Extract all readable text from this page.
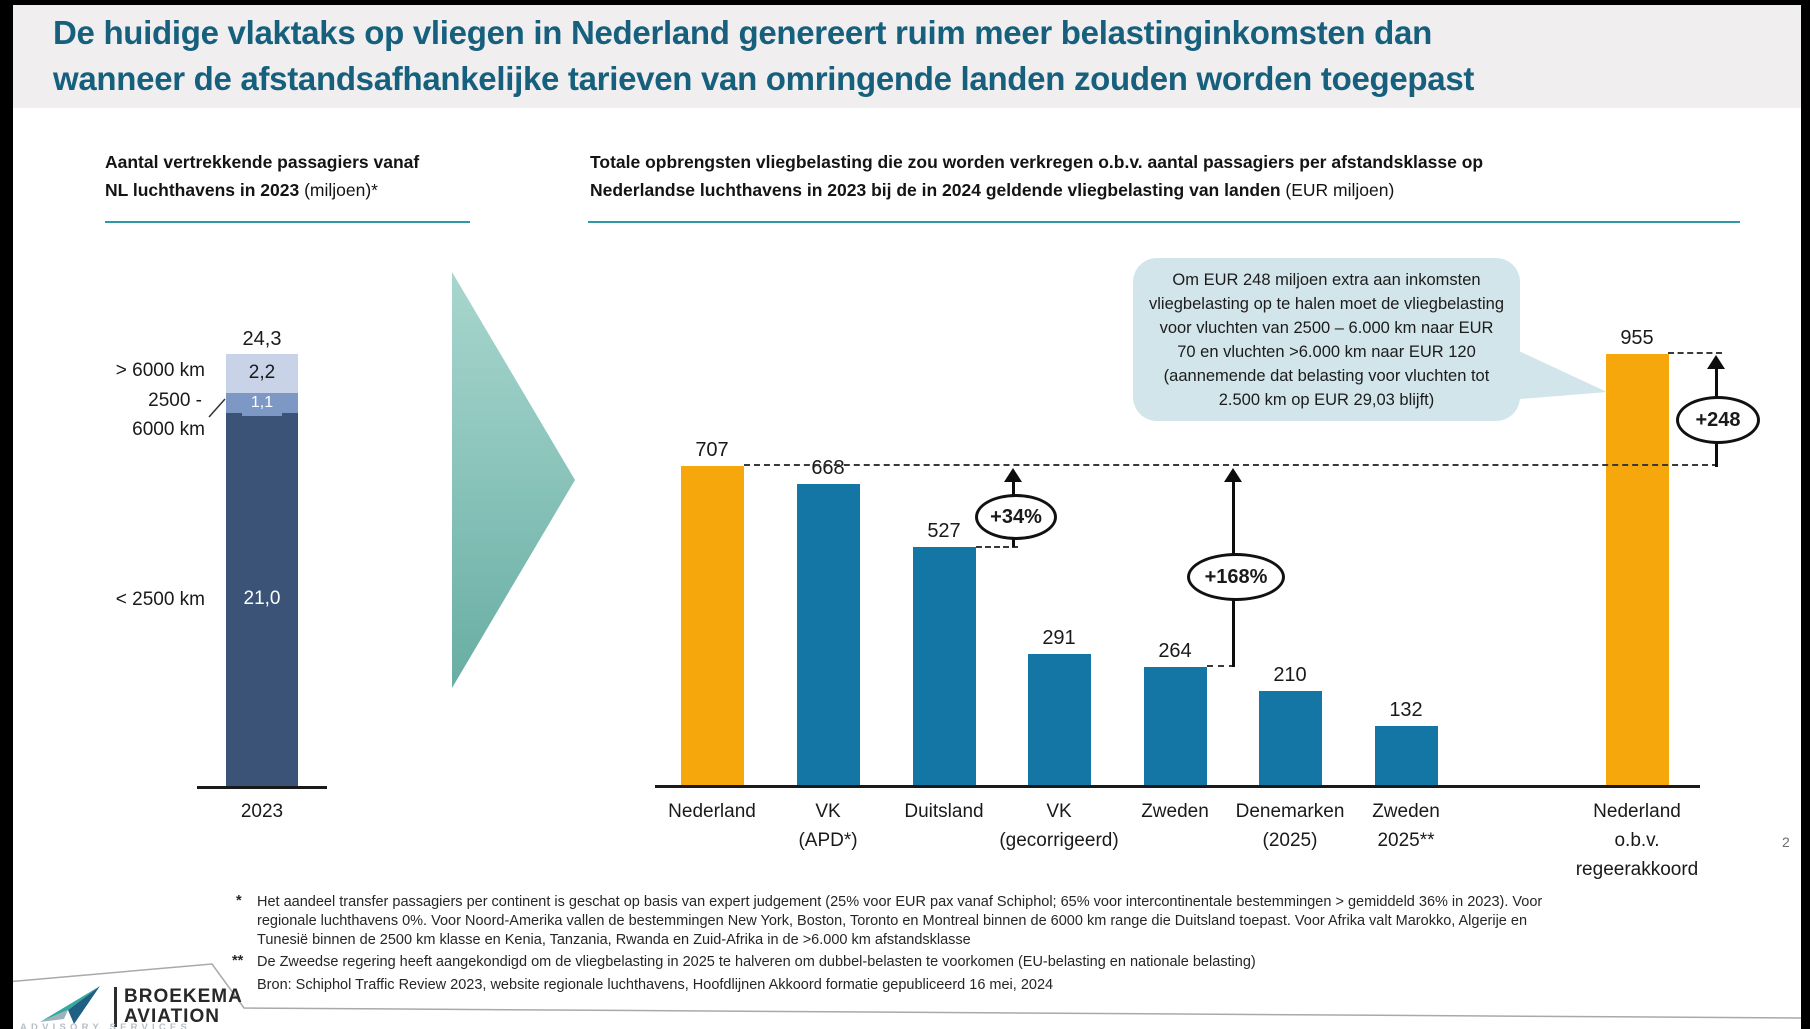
De huidige vlaktaks op vliegen in Nederland genereert ruim meer belastinginkomsten dan
wanneer de afstandsafhankelijke tarieven van omringende landen zouden worden toegepast
Aantal vertrekkende passagiers vanaf
NL luchthavens in 2023 (miljoen)*
Totale opbrengsten vliegbelasting die zou worden verkregen o.b.v. aantal passagiers per afstandsklasse op
Nederlandse luchthavens in 2023 bij de in 2024 geldende vliegbelasting van landen (EUR miljoen)
21,0
1,1
2,2
> 6000 km
2500 -
6000 km
< 2500 km
24,3
2023
707
Nederland
668
VK
(APD*)
527
Duitsland
291
VK
(gecorrigeerd)
264
Zweden
210
Denemarken
(2025)
132
Zweden
2025**
955
Nederland
o.b.v.
regeerakkoord
+34%
+168%
+248
Om EUR 248 miljoen extra aan inkomsten vliegbelasting op te halen moet de vliegbelasting voor vluchten van 2500 – 6.000 km naar EUR 70 en vluchten >6.000 km naar EUR 120 (aannemende dat belasting voor vluchten tot 2.500 km op EUR 29,03 blijft)
* Het aandeel transfer passagiers per continent is geschat op basis van expert judgement (25% voor EUR pax vanaf Schiphol; 65% voor intercontinentale bestemmingen > gemiddeld 36% in 2023). Voor
regionale luchthavens 0%. Voor Noord-Amerika vallen de bestemmingen New York, Boston, Toronto en Montreal binnen de 6000 km range die Duitsland toepast. Voor Afrika valt Marokko, Algerije en
Tunesië binnen de 2500 km klasse en Kenia, Tanzania, Rwanda en Zuid-Afrika in de >6.000 km afstandsklasse
** De Zweedse regering heeft aangekondigd om de vliegbelasting in 2025 te halveren om dubbel-belasten te voorkomen (EU-belasting en nationale belasting)
Bron: Schiphol Traffic Review 2023, website regionale luchthavens, Hoofdlijnen Akkoord formatie gepubliceerd 16 mei, 2024
2
BROEKEMA
AVIATION
ADVISORY SERVICES
